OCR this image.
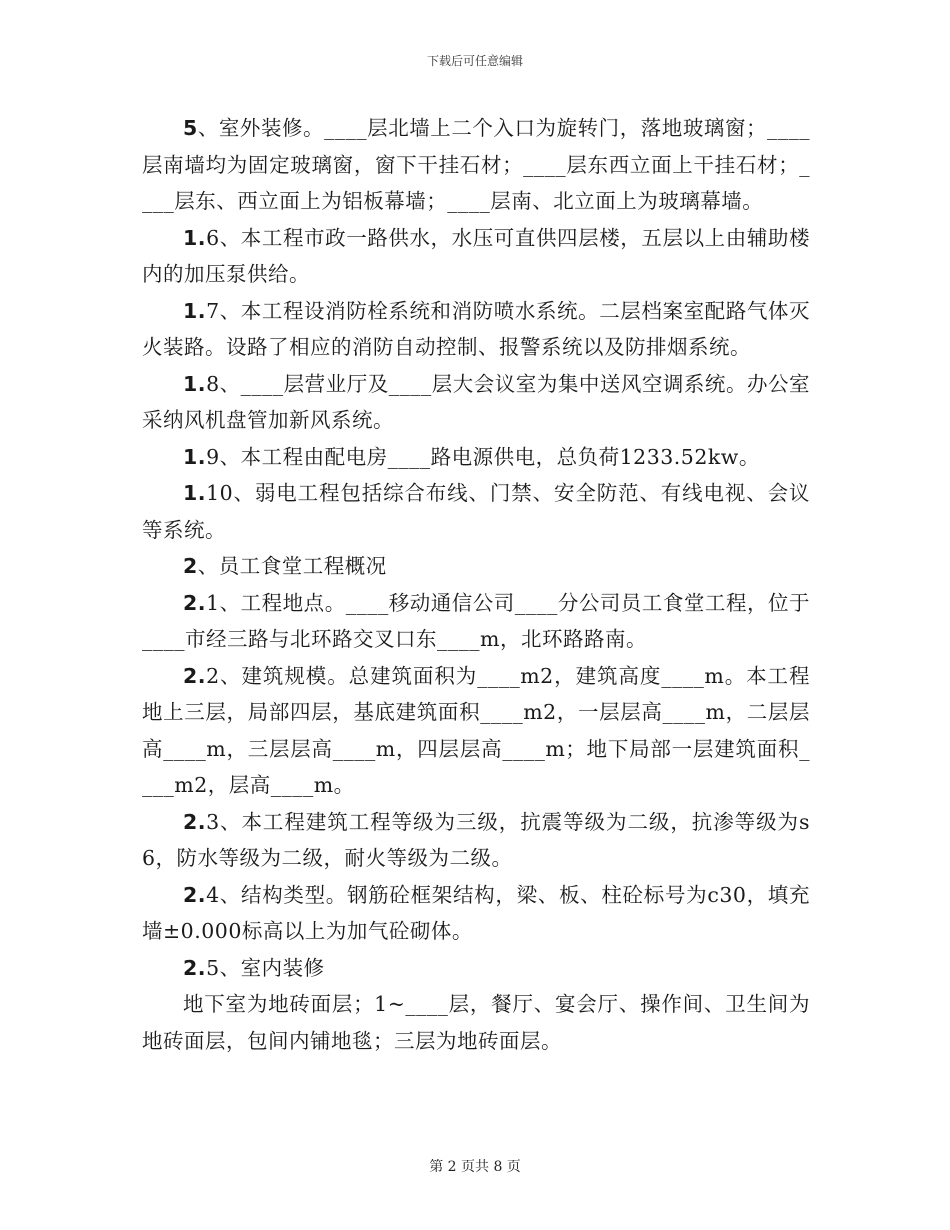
下载后可任意编辑

5、室外装修。____层北墙上二个入口为旋转门，落地玻璃窗；____层南墙均为固定玻璃窗，窗下干挂石材；____层东西立面上干挂石材；____层东、西立面上为铝板幕墙；____层南、北立面上为玻璃幕墙。

1.6、本工程市政一路供水，水压可直供四层楼，五层以上由辅助楼内的加压泵供给。

1.7、本工程设消防栓系统和消防喷水系统。二层档案室配路气体灭火装路。设路了相应的消防自动控制、报警系统以及防排烟系统。

1.8、____层营业厅及____层大会议室为集中送风空调系统。办公室采纳风机盘管加新风系统。

1.9、本工程由配电房____路电源供电，总负荷1233.52kw。

1.10、弱电工程包括综合布线、门禁、安全防范、有线电视、会议等系统。

2、员工食堂工程概况

2.1、工程地点。____移动通信公司____分公司员工食堂工程，位于____市经三路与北环路交叉口东____m，北环路路南。

2.2、建筑规模。总建筑面积为____m2，建筑高度____m。本工程地上三层，局部四层，基底建筑面积____m2，一层层高____m，二层层高____m，三层层高____m，四层层高____m；地下局部一层建筑面积____m2，层高____m。

2.3、本工程建筑工程等级为三级，抗震等级为二级，抗渗等级为s6，防水等级为二级，耐火等级为二级。

2.4、结构类型。钢筋砼框架结构，梁、板、柱砼标号为c30，填充墙±0.000标高以上为加气砼砌体。

2.5、室内装修

地下室为地砖面层；1~____层，餐厅、宴会厅、操作间、卫生间为地砖面层，包间内铺地毯；三层为地砖面层。

第 2 页共 8 页
